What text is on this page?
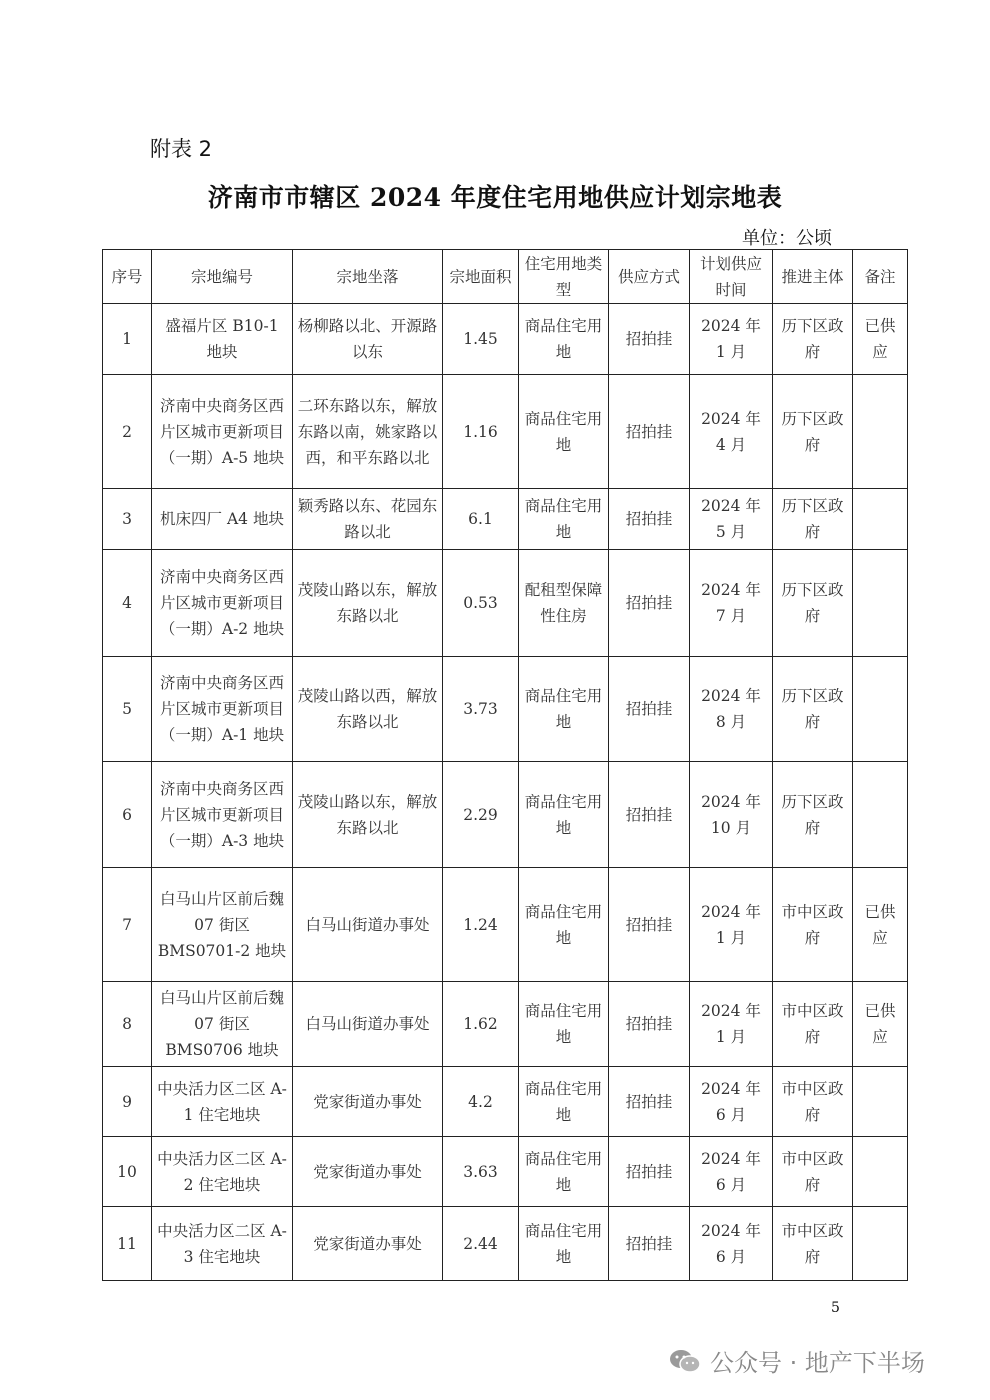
附表 2
济南市市辖区 2024 年度住宅用地供应计划宗地表
单位：公顷
序号	宗地编号	宗地坐落	宗地面积	住宅用地类型	供应方式	计划供应时间	推进主体	备注
1	盛福片区 B10-1 地块	杨柳路以北、开源路以东	1.45	商品住宅用地	招拍挂	2024 年 1 月	历下区政府	已供应
2	济南中央商务区西片区城市更新项目（一期）A-5 地块	二环东路以东，解放东路以南，姚家路以西，和平东路以北	1.16	商品住宅用地	招拍挂	2024 年 4 月	历下区政府	
3	机床四厂 A4 地块	颖秀路以东、花园东路以北	6.1	商品住宅用地	招拍挂	2024 年 5 月	历下区政府	
4	济南中央商务区西片区城市更新项目（一期）A-2 地块	茂陵山路以东，解放东路以北	0.53	配租型保障性住房	招拍挂	2024 年 7 月	历下区政府	
5	济南中央商务区西片区城市更新项目（一期）A-1 地块	茂陵山路以西，解放东路以北	3.73	商品住宅用地	招拍挂	2024 年 8 月	历下区政府	
6	济南中央商务区西片区城市更新项目（一期）A-3 地块	茂陵山路以东，解放东路以北	2.29	商品住宅用地	招拍挂	2024 年 10 月	历下区政府	
7	白马山片区前后魏 07 街区 BMS0701-2 地块	白马山街道办事处	1.24	商品住宅用地	招拍挂	2024 年 1 月	市中区政府	已供应
8	白马山片区前后魏 07 街区 BMS0706 地块	白马山街道办事处	1.62	商品住宅用地	招拍挂	2024 年 1 月	市中区政府	已供应
9	中央活力区二区 A-1 住宅地块	党家街道办事处	4.2	商品住宅用地	招拍挂	2024 年 6 月	市中区政府	
10	中央活力区二区 A-2 住宅地块	党家街道办事处	3.63	商品住宅用地	招拍挂	2024 年 6 月	市中区政府	
11	中央活力区二区 A-3 住宅地块	党家街道办事处	2.44	商品住宅用地	招拍挂	2024 年 6 月	市中区政府	
5
公众号 · 地产下半场
